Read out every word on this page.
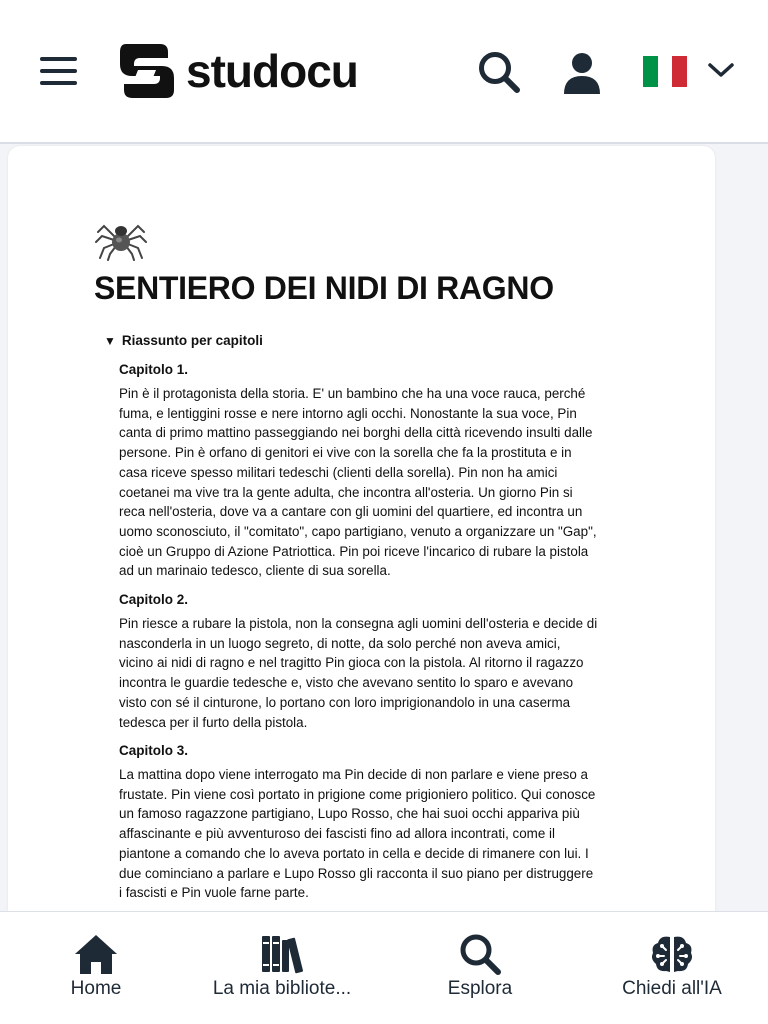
studocu
SENTIERO DEI NIDI DI RAGNO
▼ Riassunto per capitoli
Capitolo 1.
Pin è il protagonista della storia. E' un bambino che ha una voce rauca, perché
fuma, e lentiggini rosse e nere intorno agli occhi. Nonostante la sua voce, Pin
canta di primo mattino passeggiando nei borghi della città ricevendo insulti dalle
persone. Pin è orfano di genitori ei vive con la sorella che fa la prostituta e in
casa riceve spesso militari tedeschi (clienti della sorella). Pin non ha amici
coetanei ma vive tra la gente adulta, che incontra all'osteria. Un giorno Pin si
reca nell'osteria, dove va a cantare con gli uomini del quartiere, ed incontra un
uomo sconosciuto, il "comitato", capo partigiano, venuto a organizzare un "Gap",
cioè un Gruppo di Azione Patriottica. Pin poi riceve l'incarico di rubare la pistola
ad un marinaio tedesco, cliente di sua sorella.
Capitolo 2.
Pin riesce a rubare la pistola, non la consegna agli uomini dell'osteria e decide di
nasconderla in un luogo segreto, di notte, da solo perché non aveva amici,
vicino ai nidi di ragno e nel tragitto Pin gioca con la pistola. Al ritorno il ragazzo
incontra le guardie tedesche e, visto che avevano sentito lo sparo e avevano
visto con sé il cinturone, lo portano con loro imprigionandolo in una caserma
tedesca per il furto della pistola.
Capitolo 3.
La mattina dopo viene interrogato ma Pin decide di non parlare e viene preso a
frustate. Pin viene così portato in prigione come prigioniero politico. Qui conosce
un famoso ragazzone partigiano, Lupo Rosso, che hai suoi occhi appariva più
affascinante e più avventuroso dei fascisti fino ad allora incontrati, come il
piantone a comando che lo aveva portato in cella e decide di rimanere con lui. I
due cominciano a parlare e Lupo Rosso gli racconta il suo piano per distruggere
i fascisti e Pin vuole farne parte.
Home	La mia bibliote...	Esplora	Chiedi all'IA
